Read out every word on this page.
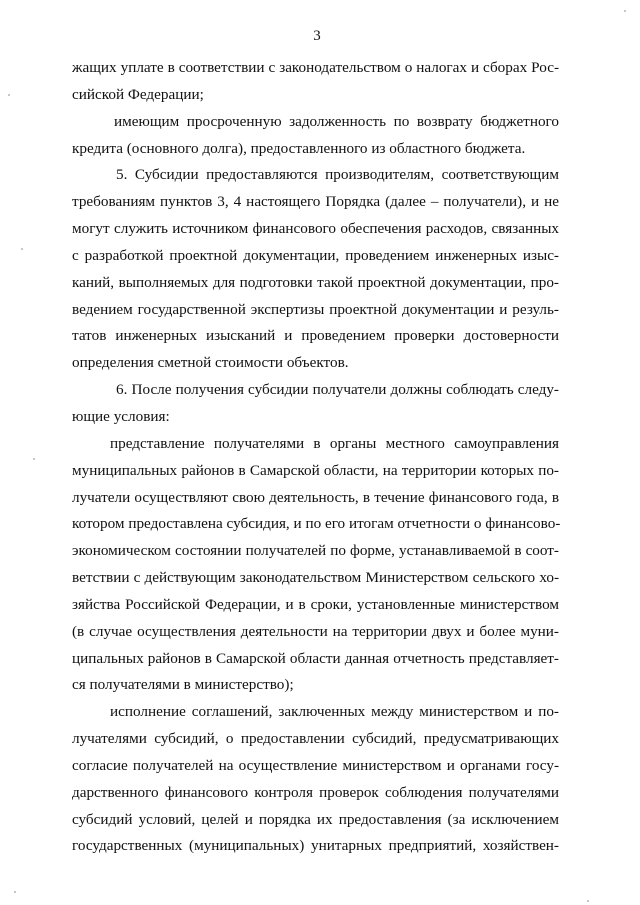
3
жащих уплате в соответствии с законодательством о налогах и сборах Рос-
сийской Федерации;
имеющим просроченную задолженность по возврату бюджетного
кредита (основного долга), предоставленного из областного бюджета.
5. Субсидии предоставляются производителям, соответствующим
требованиям пунктов 3, 4 настоящего Порядка (далее – получатели), и не
могут служить источником финансового обеспечения расходов, связанных
с разработкой проектной документации, проведением инженерных изыс-
каний, выполняемых для подготовки такой проектной документации, про-
ведением государственной экспертизы проектной документации и резуль-
татов инженерных изысканий и проведением проверки достоверности
определения сметной стоимости объектов.
6. После получения субсидии получатели должны соблюдать следу-
ющие условия:
представление получателями в органы местного самоуправления
муниципальных районов в Самарской области, на территории которых по-
лучатели осуществляют свою деятельность, в течение финансового года, в
котором предоставлена субсидия, и по его итогам отчетности о финансово-
экономическом состоянии получателей по форме, устанавливаемой в соот-
ветствии с действующим законодательством Министерством сельского хо-
зяйства Российской Федерации, и в сроки, установленные министерством
(в случае осуществления деятельности на территории двух и более муни-
ципальных районов в Самарской области данная отчетность представляет-
ся получателями в министерство);
исполнение соглашений, заключенных между министерством и по-
лучателями субсидий, о предоставлении субсидий, предусматривающих
согласие получателей на осуществление министерством и органами госу-
дарственного финансового контроля проверок соблюдения получателями
субсидий условий, целей и порядка их предоставления (за исключением
государственных (муниципальных) унитарных предприятий, хозяйствен-
